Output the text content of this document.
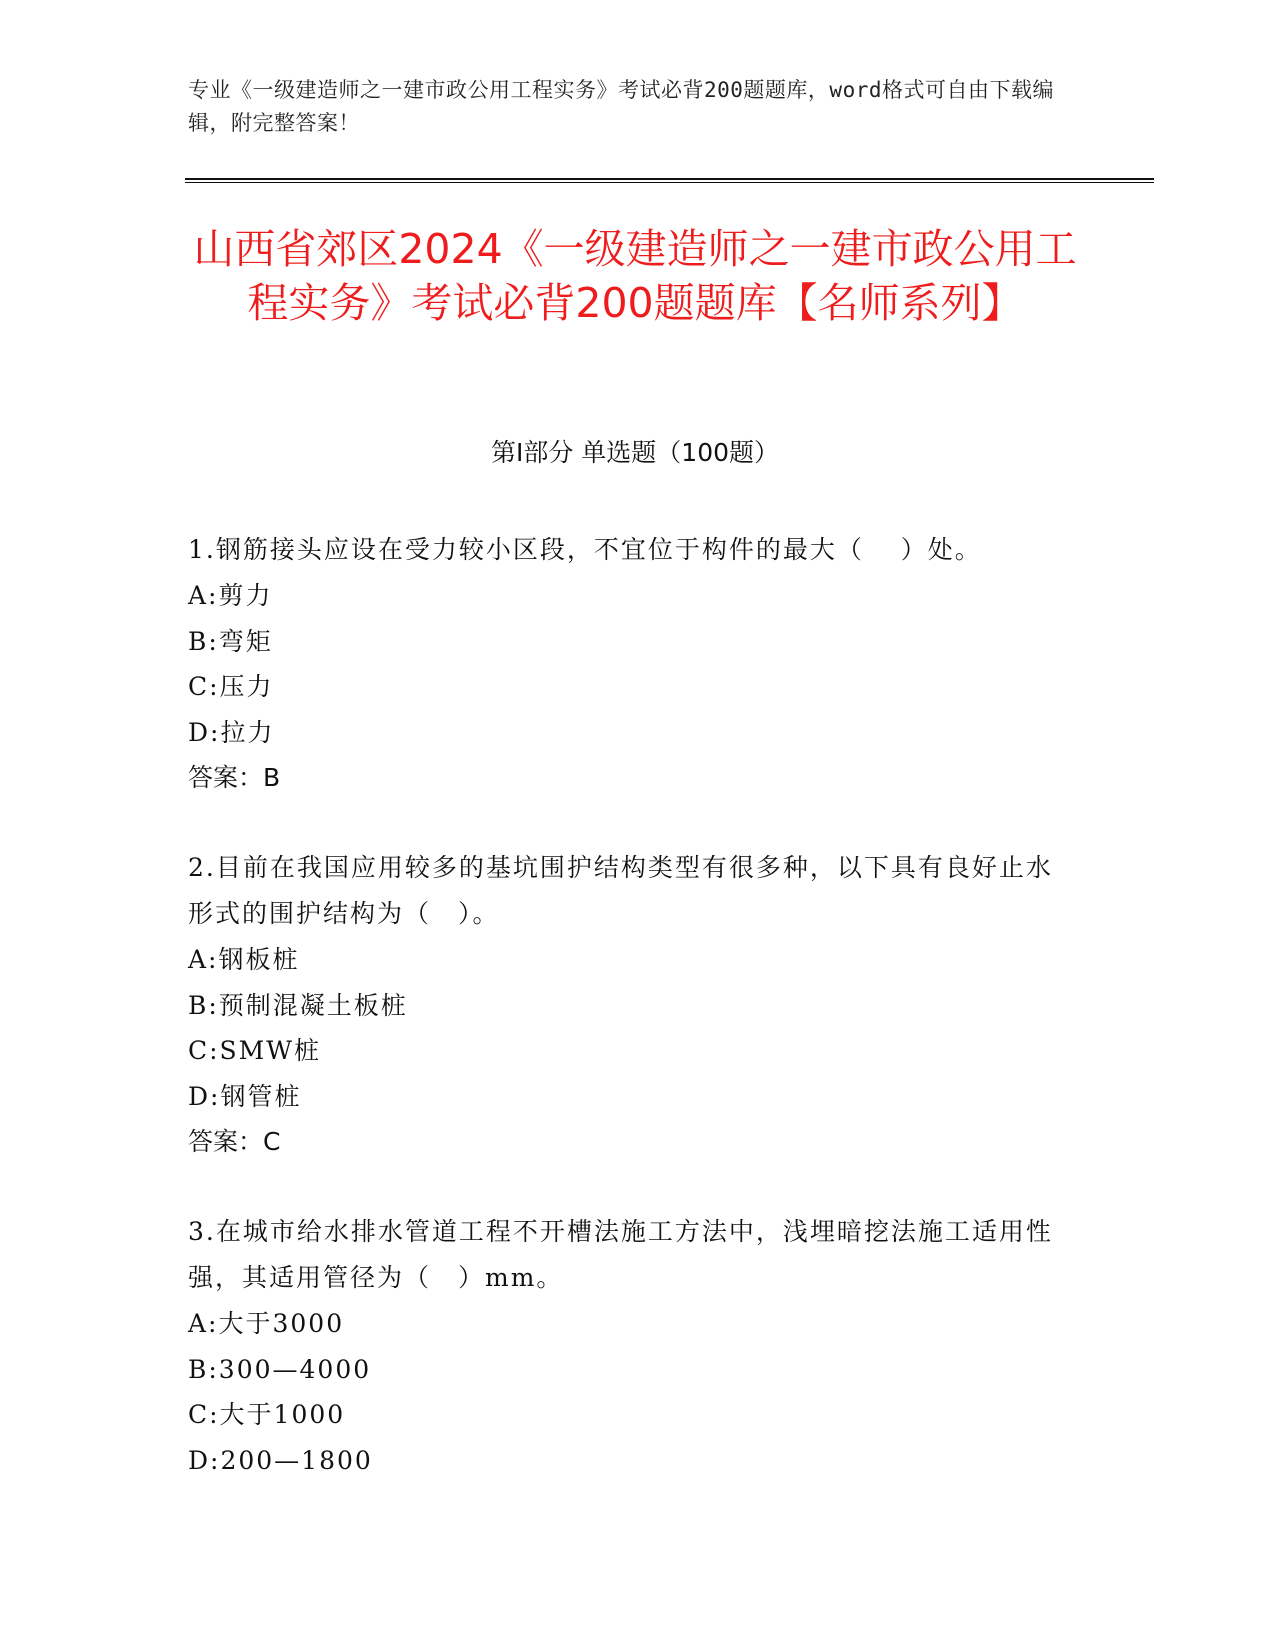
专业《一级建造师之一建市政公用工程实务》考试必背200题题库，word格式可自由下载编辑，附完整答案！
山西省郊区2024《一级建造师之一建市政公用工程实务》考试必背200题题库【名师系列】
第Ⅰ部分 单选题（100题）
1.钢筋接头应设在受力较小区段，不宜位于构件的最大（　 ）处。
A:剪力
B:弯矩
C:压力
D:拉力
答案：B
2.目前在我国应用较多的基坑围护结构类型有很多种，以下具有良好止水形式的围护结构为（　）。
A:钢板桩
B:预制混凝土板桩
C:SMW桩
D:钢管桩
答案：C
3.在城市给水排水管道工程不开槽法施工方法中，浅埋暗挖法施工适用性强，其适用管径为（　）mm。
A:大于3000
B:300—4000
C:大于1000
D:200—1800
